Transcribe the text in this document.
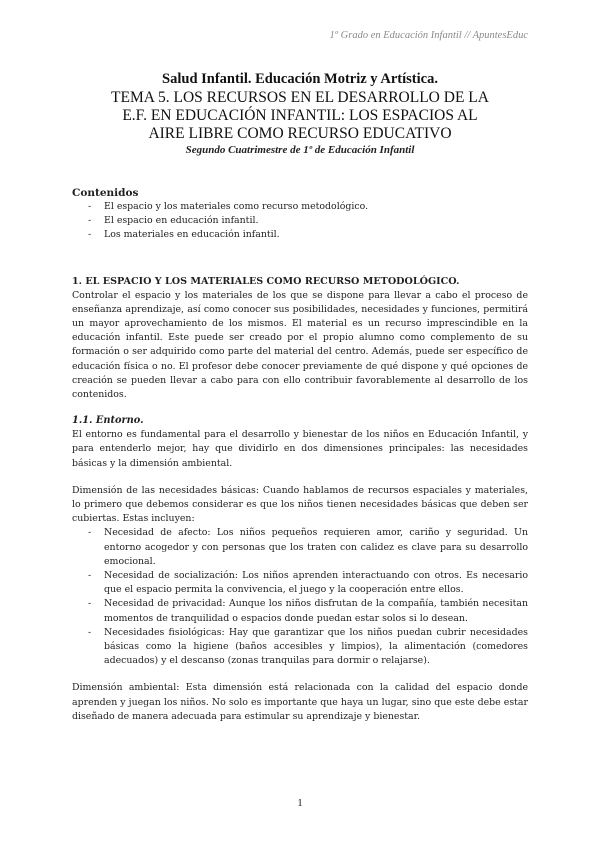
1º Grado en Educación Infantil // ApuntesEduc
Salud Infantil. Educación Motriz y Artística.
TEMA 5. LOS RECURSOS EN EL DESARROLLO DE LA
E.F. EN EDUCACIÓN INFANTIL: LOS ESPACIOS AL
AIRE LIBRE COMO RECURSO EDUCATIVO
Segundo Cuatrimestre de 1º de Educación Infantil
Contenidos
- El espacio y los materiales como recurso metodológico.
- El espacio en educación infantil.
- Los materiales en educación infantil.
1. EL ESPACIO Y LOS MATERIALES COMO RECURSO METODOLÓGICO.

Controlar el espacio y los materiales de los que se dispone para llevar a cabo el proceso de enseñanza aprendizaje, así como conocer sus posibilidades, necesidades y funciones, permitirá un mayor aprovechamiento de los mismos. El material es un recurso imprescindible en la educación infantil. Este puede ser creado por el propio alumno como complemento de su formación o ser adquirido como parte del material del centro. Además, puede ser específico de educación física o no. El profesor debe conocer previamente de qué dispone y qué opciones de creación se pueden llevar a cabo para con ello contribuir favorablemente al desarrollo de los contenidos.

1.1. Entorno.

El entorno es fundamental para el desarrollo y bienestar de los niños en Educación Infantil, y para entenderlo mejor, hay que dividirlo en dos dimensiones principales: las necesidades básicas y la dimensión ambiental.

Dimensión de las necesidades básicas: Cuando hablamos de recursos espaciales y materiales, lo primero que debemos considerar es que los niños tienen necesidades básicas que deben ser cubiertas. Estas incluyen:

- Necesidad de afecto: Los niños pequeños requieren amor, cariño y seguridad. Un entorno acogedor y con personas que los traten con calidez es clave para su desarrollo emocional.
- Necesidad de socialización: Los niños aprenden interactuando con otros. Es necesario que el espacio permita la convivencia, el juego y la cooperación entre ellos.
- Necesidad de privacidad: Aunque los niños disfrutan de la compañía, también necesitan momentos de tranquilidad o espacios donde puedan estar solos si lo desean.
- Necesidades fisiológicas: Hay que garantizar que los niños puedan cubrir necesidades básicas como la higiene (baños accesibles y limpios), la alimentación (comedores adecuados) y el descanso (zonas tranquilas para dormir o relajarse).

Dimensión ambiental: Esta dimensión está relacionada con la calidad del espacio donde aprenden y juegan los niños. No solo es importante que haya un lugar, sino que este debe estar diseñado de manera adecuada para estimular su aprendizaje y bienestar.

1
